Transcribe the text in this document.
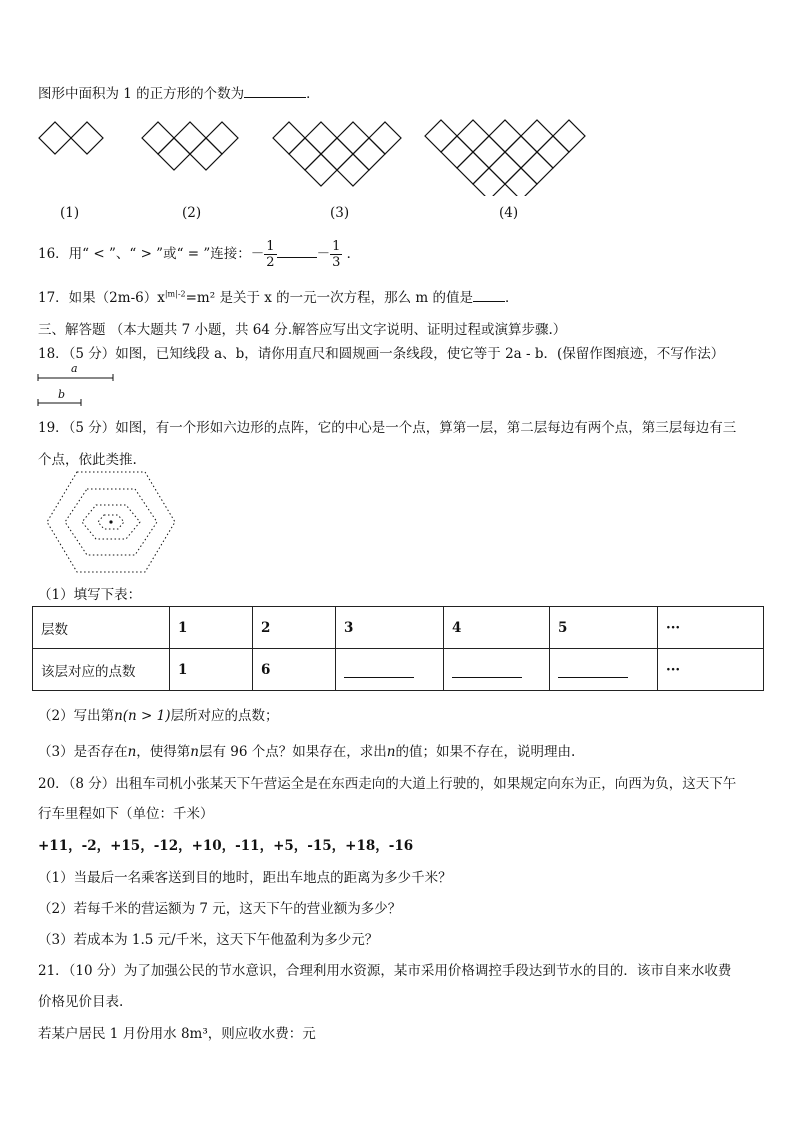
图形中面积为 1 的正方形的个数为	．
(1)	(2)	(3)	(4)
16．用“ < ”、“ > ”或“ = ”连接：－ $\frac{1}{2}$	－ $\frac{1}{3}$ ．
17．如果$(2m-6)x^{|m|-2}=m^2$ 是关于 x 的一元一次方程，那么 m 的值是 ．
三、解答题 （本大题共 7 小题，共 64 分.解答应写出文字说明、证明过程或演算步骤.）
18．（5 分）如图，已知线段 a、b，请你用直尺和圆规画一条线段，使它等于 2a - b．(保留作图痕迹，不写作法）
a
b
19．（5 分）如图，有一个形如六边形的点阵，它的中心是一个点，算第一层，第二层每边有两个点，第三层每边有三
个点，依此类推.
（1）填写下表：
层数	1	2	3	4	5	···
该层对应的点数	1	6				···
（2）写出第n(n > 1)层所对应的点数；
（3）是否存在n，使得第n层有 96 个点？如果存在，求出n的值；如果不存在，说明理由.
20．（8 分）出租车司机小张某天下午营运全是在东西走向的大道上行驶的，如果规定向东为正，向西为负，这天下午
行车里程如下（单位：千米）
+11，-2，+15，-12，+10，-11，+5，-15，+18，-16
（1）当最后一名乘客送到目的地时，距出车地点的距离为多少千米？
（2）若每千米的营运额为 7 元，这天下午的营业额为多少？
（3）若成本为 1.5 元/千米，这天下午他盈利为多少元？
21．（10 分）为了加强公民的节水意识，合理利用水资源，某市采用价格调控手段达到节水的目的．该市自来水收费
价格见价目表.
若某户居民 1 月份用水 8m³，则应收水费：元
